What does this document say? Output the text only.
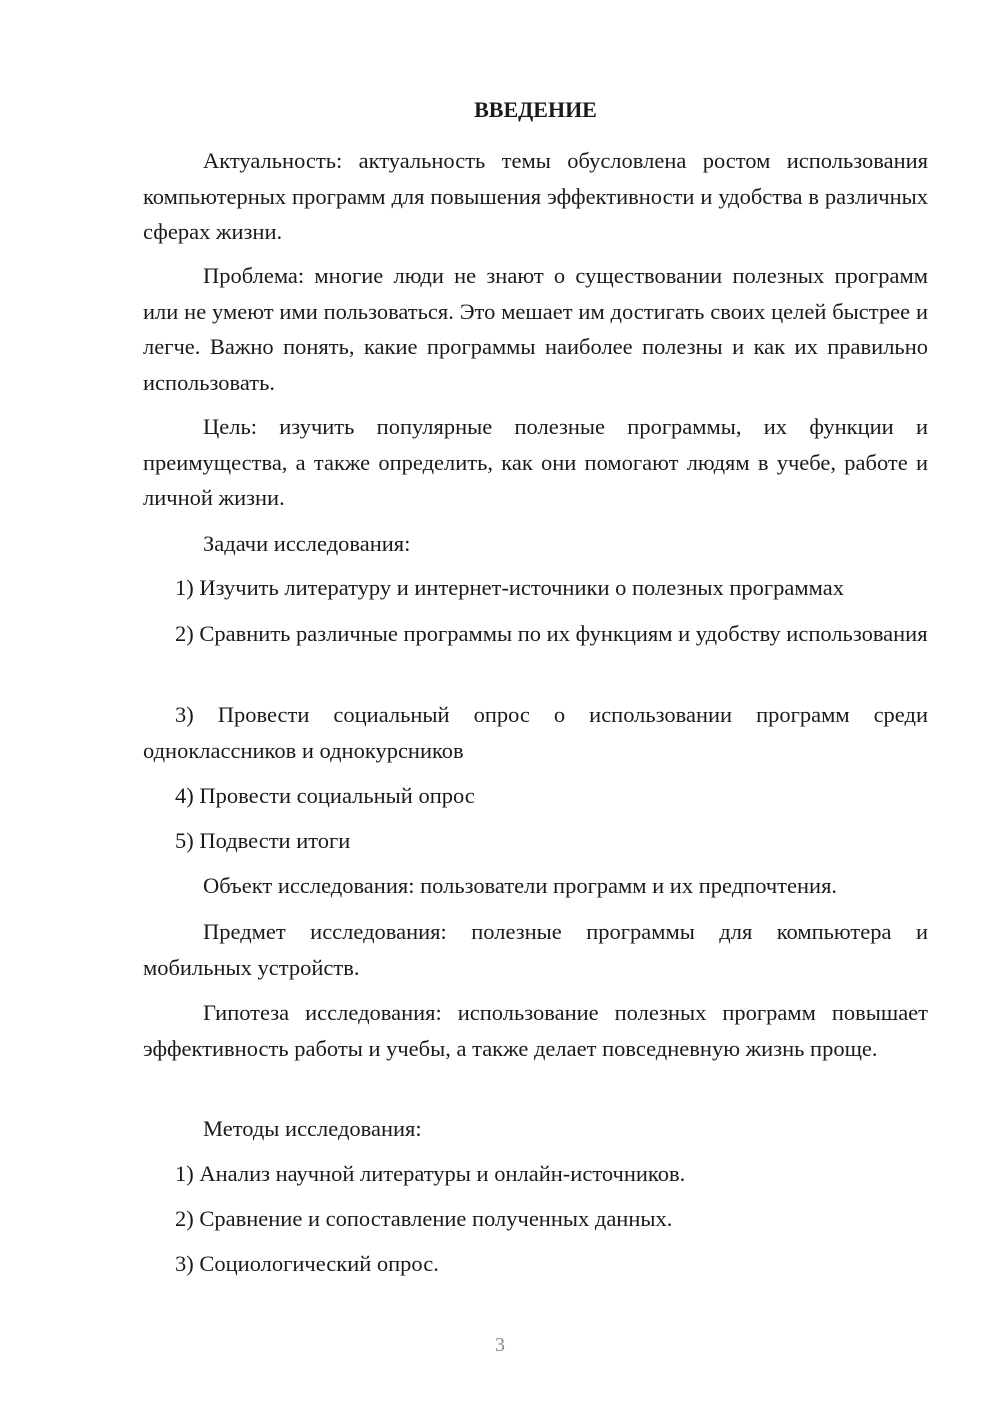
ВВЕДЕНИЕ

Актуальность: актуальность темы обусловлена ростом использования компьютерных программ для повышения эффективности и удобства в различных сферах жизни.

Проблема: многие люди не знают о существовании полезных программ или не умеют ими пользоваться. Это мешает им достигать своих целей быстрее и легче. Важно понять, какие программы наиболее полезны и как их правильно использовать.

Цель: изучить популярные полезные программы, их функции и преимущества, а также определить, как они помогают людям в учебе, работе и личной жизни.

Задачи исследования:

1) Изучить литературу и интернет-источники о полезных программах

2) Сравнить различные программы по их функциям и удобству использования

3) Провести социальный опрос о использовании программ среди одноклассников и однокурсников

4) Провести социальный опрос

5) Подвести итоги

Объект исследования: пользователи программ и их предпочтения.

Предмет исследования: полезные программы для компьютера и мобильных устройств.

Гипотеза исследования: использование полезных программ повышает эффективность работы и учебы, а также делает повседневную жизнь проще.

Методы исследования:

1) Анализ научной литературы и онлайн-источников.

2) Сравнение и сопоставление полученных данных.

3) Социологический опрос.

3
